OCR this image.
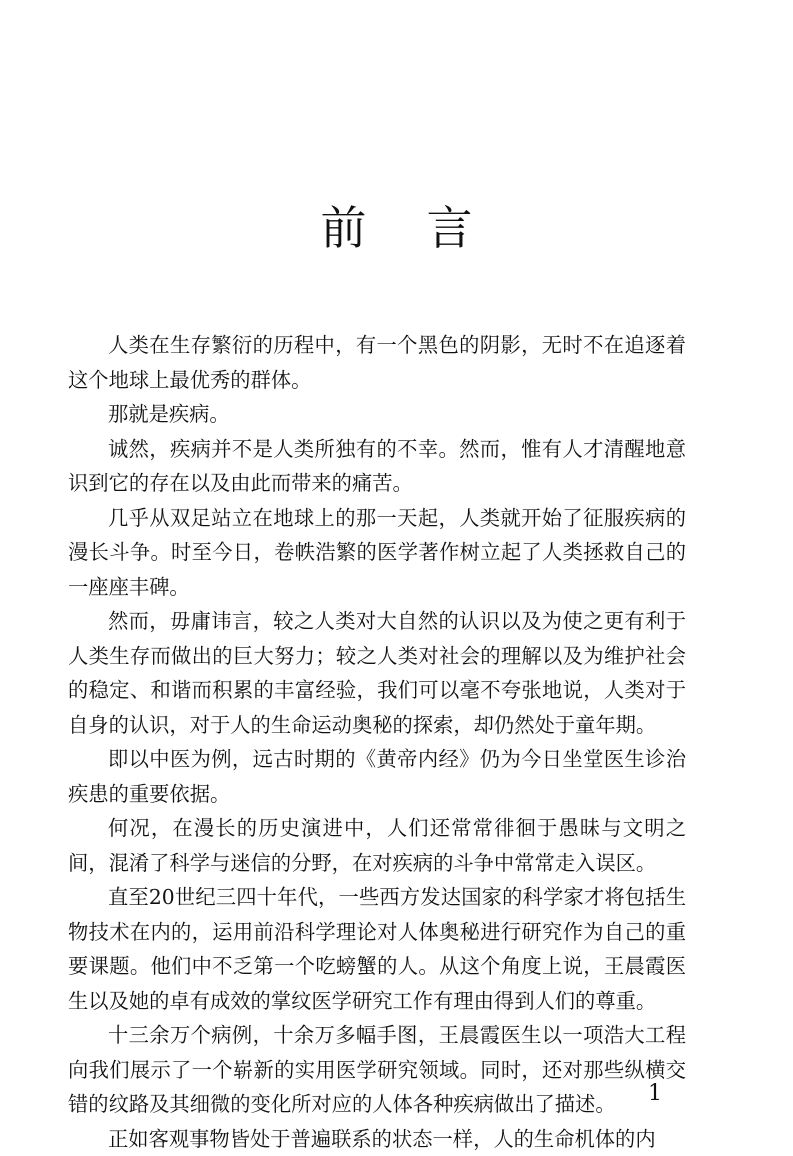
前言

人类在生存繁衍的历程中，有一个黑色的阴影，无时不在追逐着这个地球上最优秀的群体。

那就是疾病。

诚然，疾病并不是人类所独有的不幸。然而，惟有人才清醒地意识到它的存在以及由此而带来的痛苦。

几乎从双足站立在地球上的那一天起，人类就开始了征服疾病的漫长斗争。时至今日，卷帙浩繁的医学著作树立起了人类拯救自己的一座座丰碑。

然而，毋庸讳言，较之人类对大自然的认识以及为使之更有利于人类生存而做出的巨大努力；较之人类对社会的理解以及为维护社会的稳定、和谐而积累的丰富经验，我们可以毫不夸张地说，人类对于自身的认识，对于人的生命运动奥秘的探索，却仍然处于童年期。

即以中医为例，远古时期的《黄帝内经》仍为今日坐堂医生诊治疾患的重要依据。

何况，在漫长的历史演进中，人们还常常徘徊于愚昧与文明之间，混淆了科学与迷信的分野，在对疾病的斗争中常常走入误区。

直至20世纪三四十年代，一些西方发达国家的科学家才将包括生物技术在内的，运用前沿科学理论对人体奥秘进行研究作为自己的重要课题。他们中不乏第一个吃螃蟹的人。从这个角度上说，王晨霞医生以及她的卓有成效的掌纹医学研究工作有理由得到人们的尊重。

十三余万个病例，十余万多幅手图，王晨霞医生以一项浩大工程向我们展示了一个崭新的实用医学研究领域。同时，还对那些纵横交错的纹路及其细微的变化所对应的人体各种疾病做出了描述。

正如客观事物皆处于普遍联系的状态一样，人的生命机体的内

1
